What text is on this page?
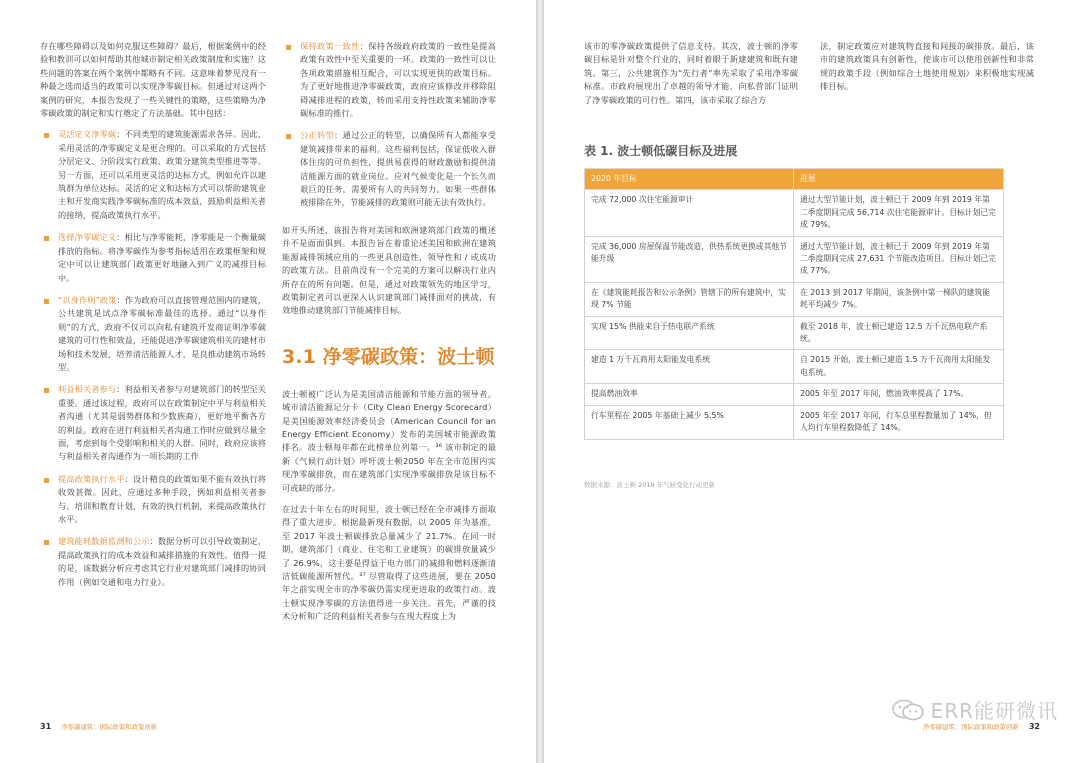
存在哪些障碍以及如何克服这些障碍？最后，根据案例中的经验和教训可以如何帮助其他城市制定相关政策制度和实施？这些问题的答案在两个案例中都略有不同。这意味着梦见没有一种最之选而适当的政策可以实现净零碳目标。但通过对这两个案例的研究，本报告发现了一些关键性的策略，这些策略为净零碳政策的制定和实行奠定了方法基础。其中包括：

灵活定义净零碳：不同类型的建筑能源需求各异。因此，采用灵活的净零碳定义是更合理的。可以采取的方式包括分层定义、分阶段实行政策、政策分建筑类型推进等等。另一方面，还可以采用更灵活的达标方式，例如允许以建筑群为单位达标。灵活的定义和达标方式可以帮助建筑业主和开发商实践净零碳标准的成本效益，鼓励利益相关者的接纳，提高政策执行水平。
选择净零碳定义：相比与净零能耗，净零能是一个衡量碳排放的指标。将净零碳作为参考指标适用在政策框架和规定中可以让建筑部门政策更好地融入到广义的减排目标中。
“以身作则”政策：作为政府可以直接管理范围内的建筑，公共建筑是试点净零碳标准最佳的选择。通过“以身作则”的方式，政府不仅可以向私有建筑开发商证明净零碳建筑的可行性和效益，还能促进净零碳建筑相关的建材市场和技术发展，培养清洁能源人才，是良推动建筑市场转型。
利益相关者参与：利益相关者参与对建筑部门的转型至关重要。通过该过程，政府可以在政策制定中平与利益相关者沟通（尤其是弱势群体和少数族裔），更好地平衡各方的利益。政府在进行利益相关者沟通工作时应做到尽量全面，考虑到每个受影响和相关的人群。同时，政府应该将与利益相关者沟通作为一项长期的工作
提高政策执行水平：设计精良的政策如果不能有效执行将收效甚微。因此，应通过多种手段，例如利益相关者参与、培训和教育计划、有效的执行机制，来提高政策执行水平。
建筑能耗数据监测和公示：数据分析可以引导政策制定，提高政策执行的成本效益和减排措施的有效性。值得一提的是，该数据分析应考虑其它行业对建筑部门减排的协同作用（例如交通和电力行业）。
保持政策一致性：保持各级政府政策的一致性是提高政策有效性中至关重要的一环。政策的一致性可以让各项政策措施相互配合，可以实现更快的政策目标。为了更好地推进净零碳政策，政府应该修改并移除阻碍减排进程的政策，转而采用支持性政策来辅助净零碳标准的推行。
公正转型：通过公正的转型，以确保所有人都能享受建筑减排带来的福利。这些福利包括，保证低收入群体住房的可负担性，提供易获得的财政激励和提供清洁能源方面的就业岗位。应对气候变化是一个长久而艰巨的任务，需要所有人的共同努力。如果一些群体被排除在外，节能减排的政策则可能无法有效执行。

如开头所述，该报告将对美国和欧洲建筑部门政策的概述并不是面面俱到。本报告旨在着重论述美国和欧洲在建筑能源减排领域应用的一些更具创造性，领导性和 / 或成功的政策方法。目前尚没有一个完美的方案可以解决行业内所存在的所有问题。但是，通过对政策领先的地区学习，政策制定者可以更深入认识建筑部门减排面对的挑战，有效地推动建筑部门节能减排目标。

3.1 净零碳政策：波士顿

波士顿被广泛认为是美国清洁能源和节能方面的领导者。城市清洁能源记分卡（City Clean Energy Scorecard）是美国能源效率经济委员会（American Council for an Energy Efficient Economy）发布的美国城市能源政策排名。波士顿每年都在此榜单位列第一。³⁶ 该市制定的最新《气候行动计划》呼吁波士顿2050 年在全市范围内实现净零碳排放，而在建筑部门实现净零碳排放是该目标不可或缺的部分。

在过去十年左右的时间里，波士顿已经在全市减排方面取得了重大进步。根据最新现有数据，以 2005 年为基准，至 2017 年波士顿碳排放总量减少了 21.7%。在同一时期，建筑部门（商业、住宅和工业建筑）的碳排放量减少了 26.9%，这主要是得益于电力部门的减排和燃料逐渐清洁低碳能源所替代。³⁷ 尽管取得了这些进展，要在 2050 年之前实现全市的净零碳仍需实现更进取的政策行动。波士顿实现净零碳的方法值得进一步关注。首先，严谨的技术分析和广泛的利益相关者参与在现大程度上为

31 净零碳建筑：国际政策和政策创新

该市的零净碳政策提供了信息支持。其次，波士顿的净零碳目标是针对整个行业的，同时着眼于新建建筑和既有建筑。第三，公共建筑作为“先行者”率先采取了采用净零碳标准。市政府展现出了卓越的领导才能，向私营部门证明了净零碳政策的可行性。第四，该市采取了综合方

法，制定政策应对建筑物直接和间接的碳排放。最后，该市的建筑政策具有创新性，使该市可以使用创新性和非常规的政策手段（例如综合土地使用规划）来积极地实现减排目标。

表 1. 波士顿低碳目标及进展
2020 年目标	进展
完成 72,000 次住宅能源审计	通过大型节能计划，波士顿已于 2009 年到 2019 年第二季度期间完成 56,714 次住宅能源审计。目标计划已完成 79%。
完成 36,000 房屋保温节能改造，供热系统更换或其他节能升级	通过大型节能计划，波士顿已于 2009 年到 2019 年第二季度期间完成 27,631 个节能改造项目。目标计划已完成 77%。
在《建筑能耗报告和公示条例》管辖下的所有建筑中，实现 7% 节能	在 2013 到 2017 年期间，该条例中第一梯队的建筑能耗平均减少 7%。
实现 15% 供能来自于热电联产系统	截至 2018 年，波士顿已建造 12.5 万千瓦热电联产系统。
建造 1 万千瓦商用太阳能发电系统	自 2015 开始，波士顿已建造 1.5 万千瓦商用太阳能发电系统。
提高燃油效率	2005 年至 2017 年间，燃油效率提高了 17%。
行车里程在 2005 年基础上减少 5.5%	2005 年至 2017 年间，行车总里程数量加了 14%，但人均行车里程数降低了 14%。
数据来源：波士顿 2019 年气候变化行动更新
净零碳建筑：国际政策和政策创新 32
ERR能研微讯
